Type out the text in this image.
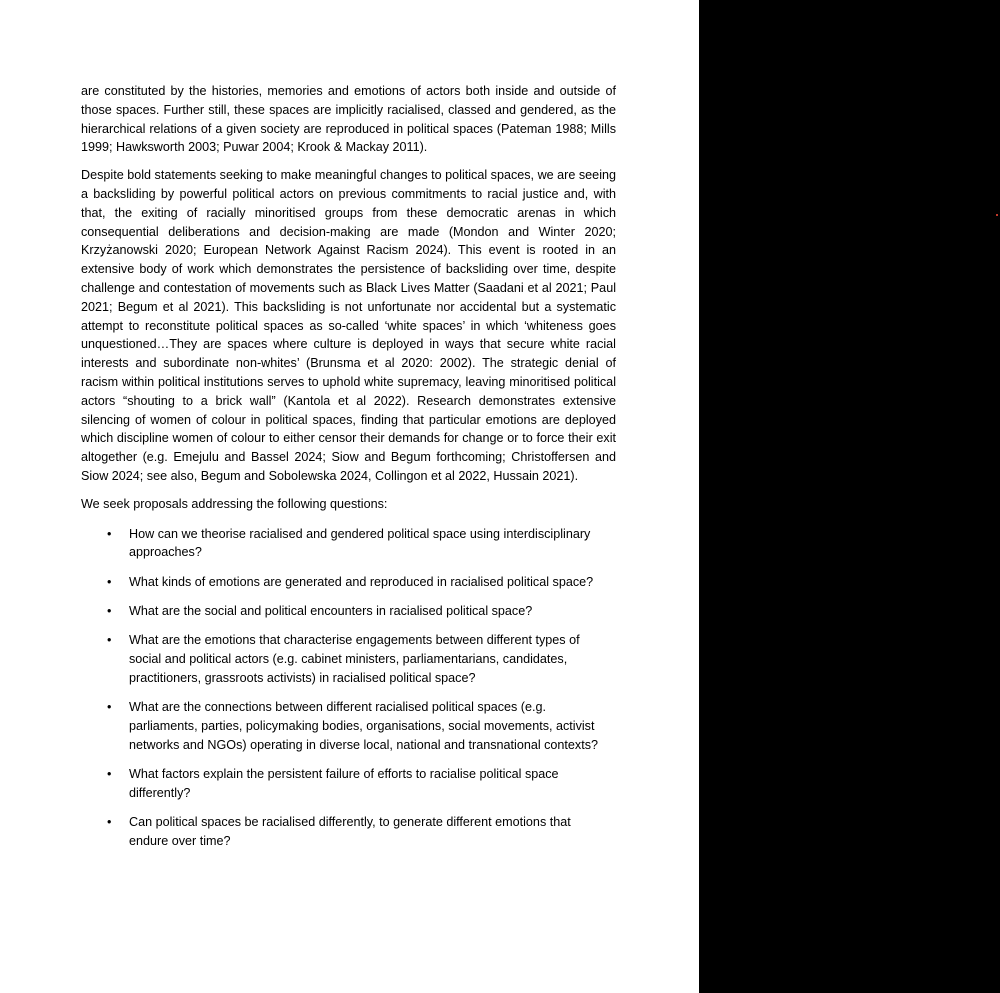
are constituted by the histories, memories and emotions of actors both inside and outside of those spaces. Further still, these spaces are implicitly racialised, classed and gendered, as the hierarchical relations of a given society are reproduced in political spaces (Pateman 1988; Mills 1999; Hawksworth 2003; Puwar 2004; Krook & Mackay 2011).

Despite bold statements seeking to make meaningful changes to political spaces, we are seeing a backsliding by powerful political actors on previous commitments to racial justice and, with that, the exiting of racially minoritised groups from these democratic arenas in which consequential deliberations and decision-making are made (Mondon and Winter 2020; Krzyżanowski 2020; European Network Against Racism 2024). This event is rooted in an extensive body of work which demonstrates the persistence of backsliding over time, despite challenge and contestation of movements such as Black Lives Matter (Saadani et al 2021; Paul 2021; Begum et al 2021). This backsliding is not unfortunate nor accidental but a systematic attempt to reconstitute political spaces as so-called ‘white spaces’ in which ‘whiteness goes unquestioned…They are spaces where culture is deployed in ways that secure white racial interests and subordinate non-whites’ (Brunsma et al 2020: 2002). The strategic denial of racism within political institutions serves to uphold white supremacy, leaving minoritised political actors “shouting to a brick wall” (Kantola et al 2022). Research demonstrates extensive silencing of women of colour in political spaces, finding that particular emotions are deployed which discipline women of colour to either censor their demands for change or to force their exit altogether (e.g. Emejulu and Bassel 2024; Siow and Begum forthcoming; Christoffersen and Siow 2024; see also, Begum and Sobolewska 2024, Collingon et al 2022, Hussain 2021).

We seek proposals addressing the following questions:

• How can we theorise racialised and gendered political space using interdisciplinary approaches?
• What kinds of emotions are generated and reproduced in racialised political space?
• What are the social and political encounters in racialised political space?
• What are the emotions that characterise engagements between different types of social and political actors (e.g. cabinet ministers, parliamentarians, candidates, practitioners, grassroots activists) in racialised political space?
• What are the connections between different racialised political spaces (e.g. parliaments, parties, policymaking bodies, organisations, social movements, activist networks and NGOs) operating in diverse local, national and transnational contexts?
• What factors explain the persistent failure of efforts to racialise political space differently?
• Can political spaces be racialised differently, to generate different emotions that endure over time?
